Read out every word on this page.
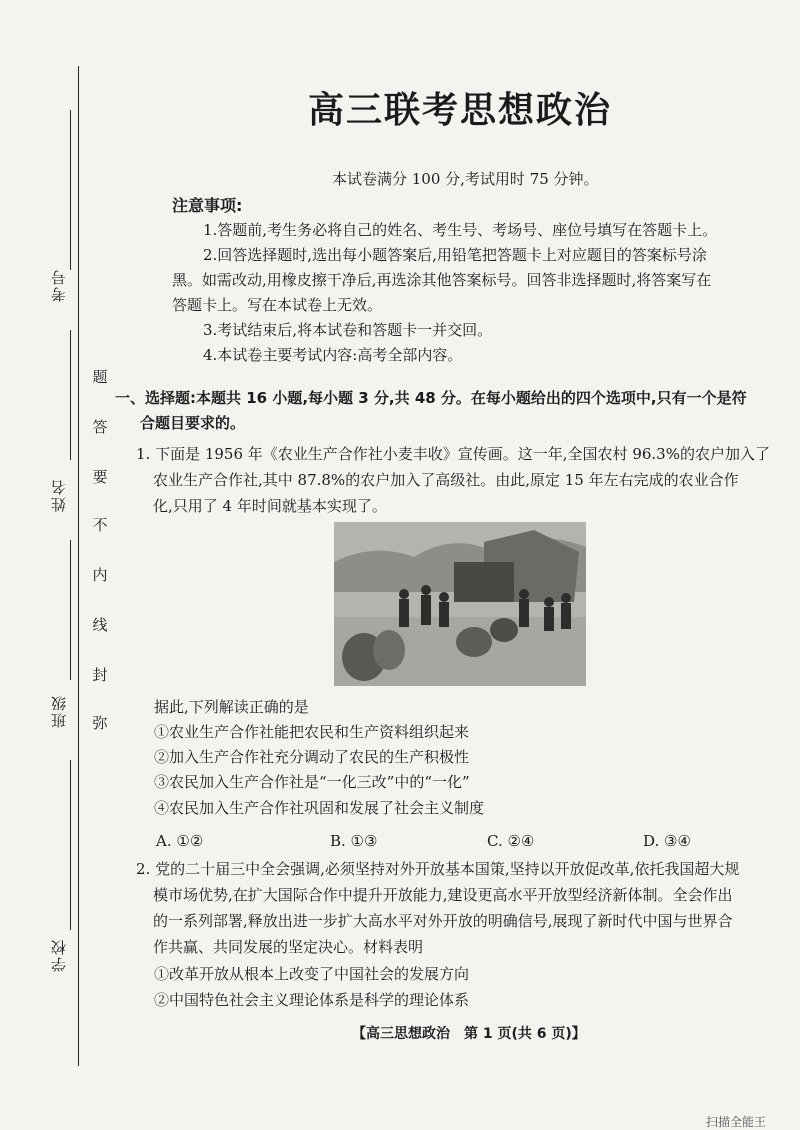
考号
姓名
班级
学校
题
答
要
不
内
线
封
弥
高三联考思想政治
本试卷满分 100 分,考试用时 75 分钟。
注意事项:
1.答题前,考生务必将自己的姓名、考生号、考场号、座位号填写在答题卡上。
2.回答选择题时,选出每小题答案后,用铅笔把答题卡上对应题目的答案标号涂
黑。如需改动,用橡皮擦干净后,再选涂其他答案标号。回答非选择题时,将答案写在
答题卡上。写在本试卷上无效。
3.考试结束后,将本试卷和答题卡一并交回。
4.本试卷主要考试内容:高考全部内容。
一、选择题:本题共 16 小题,每小题 3 分,共 48 分。在每小题给出的四个选项中,只有一个是符
合题目要求的。
1. 下面是 1956 年《农业生产合作社小麦丰收》宣传画。这一年,全国农村 96.3%的农户加入了
农业生产合作社,其中 87.8%的农户加入了高级社。由此,原定 15 年左右完成的农业合作
化,只用了 4 年时间就基本实现了。
据此,下列解读正确的是
①农业生产合作社能把农民和生产资料组织起来
②加入生产合作社充分调动了农民的生产积极性
③农民加入生产合作社是“一化三改”中的“一化”
④农民加入生产合作社巩固和发展了社会主义制度
A. ①②	B. ①③	C. ②④	D. ③④
2. 党的二十届三中全会强调,必须坚持对外开放基本国策,坚持以开放促改革,依托我国超大规
模市场优势,在扩大国际合作中提升开放能力,建设更高水平开放型经济新体制。全会作出
的一系列部署,释放出进一步扩大高水平对外开放的明确信号,展现了新时代中国与世界合
作共赢、共同发展的坚定决心。材料表明
①改革开放从根本上改变了中国社会的发展方向
②中国特色社会主义理论体系是科学的理论体系
【高三思想政治　第 1 页(共 6 页)】
扫描全能王
